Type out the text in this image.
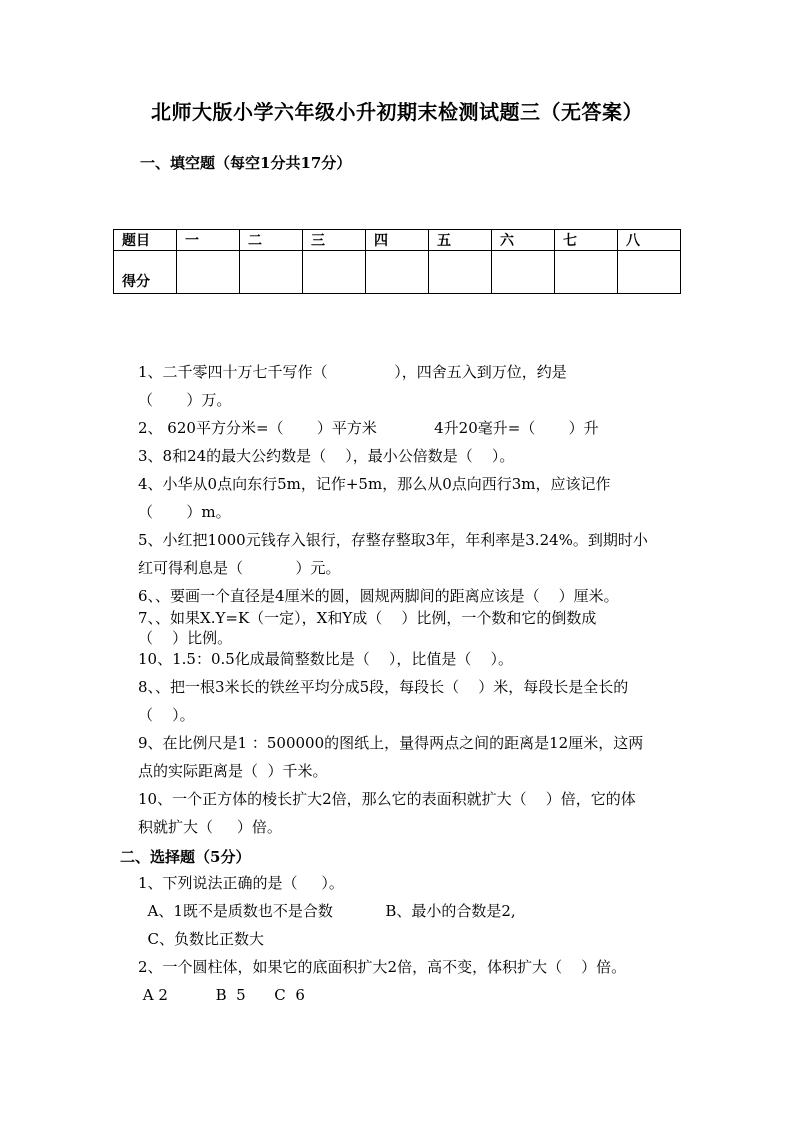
北师大版小学六年级小升初期末检测试题三（无答案）
一、填空题（每空1分共17分）
题目	一	二	三	四	五	六	七	八
得分								
1、二千零四十万七千写作（              ），四舍五入到万位，约是
（       ）万。
2、 620平方分米=（       ）平方米            4升20毫升=（       ）升
3、8和24的最大公约数是（    ），最小公倍数是（    ）。
4、小华从0点向东行5m，记作+5m，那么从0点向西行3m，应该记作
（       ）m。
5、小红把1000元钱存入银行，存整存整取3年，年利率是3.24%。到期时小
红可得利息是（           ）元。
6、、要画一个直径是4厘米的圆，圆规两脚间的距离应该是（    ）厘米。
7、、如果X.Y=K（一定），X和Y成（    ）比例，一个数和它的倒数成
（    ）比例。
10、1.5：0.5化成最简整数比是（    ），比值是（    ）。
8、、把一根3米长的铁丝平均分成5段，每段长（    ）米，每段长是全长的
（    ）。
9、在比例尺是1 ：500000的图纸上，量得两点之间的距离是12厘米，这两
点的实际距离是（  ）千米。
10、一个正方体的棱长扩大2倍，那么它的表面积就扩大（    ）倍，它的体
积就扩大（     ）倍。
二、选择题（5分）
1、下列说法正确的是（     ）。
A、1既不是质数也不是合数           B、最小的合数是2,
C、负数比正数大
2、一个圆柱体，如果它的底面积扩大2倍，高不变，体积扩大（    ）倍。
A 2          B  5      C  6
